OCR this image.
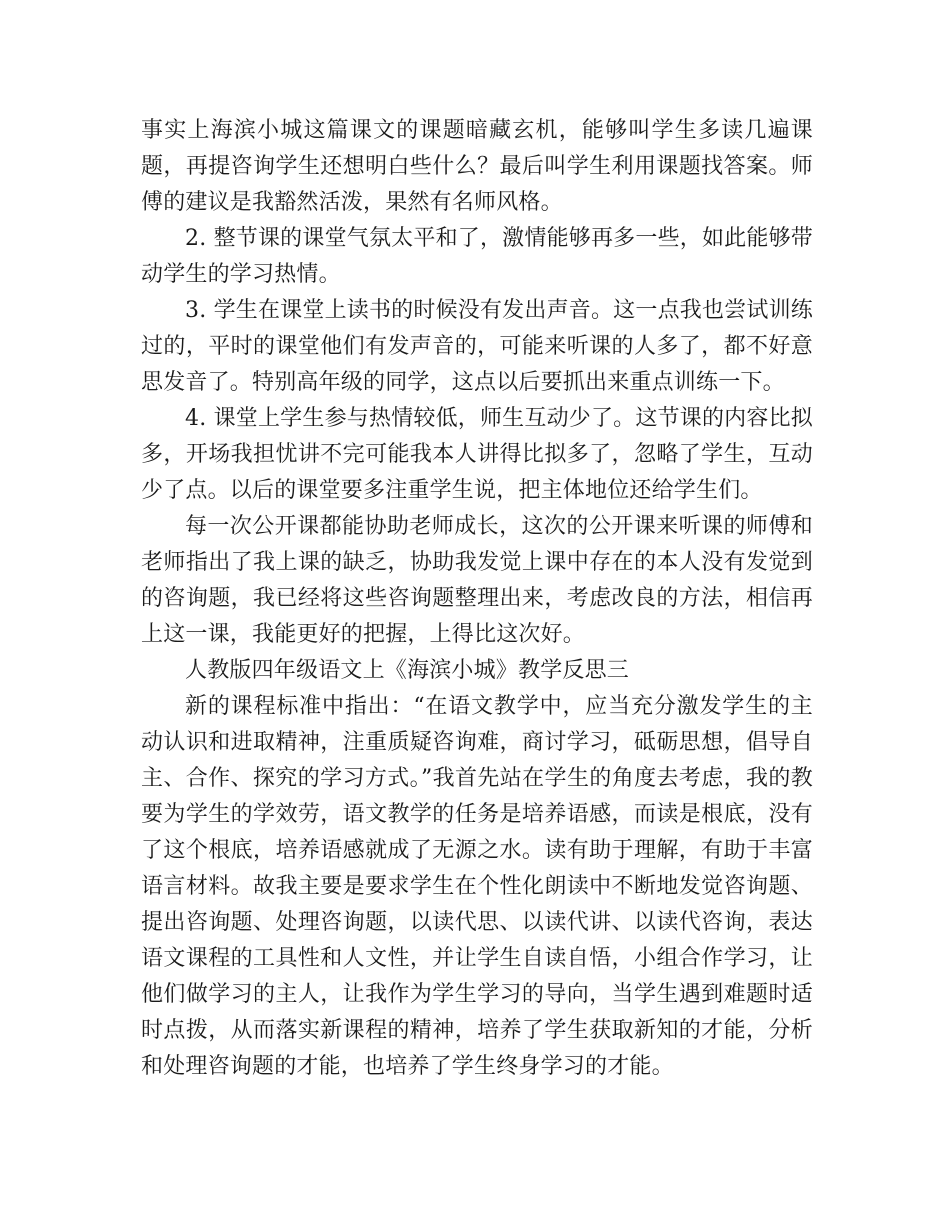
事实上海滨小城这篇课文的课题暗藏玄机，能够叫学生多读几遍课题，再提咨询学生还想明白些什么？最后叫学生利用课题找答案。师傅的建议是我豁然活泼，果然有名师风格。

2. 整节课的课堂气氛太平和了，激情能够再多一些，如此能够带动学生的学习热情。

3. 学生在课堂上读书的时候没有发出声音。这一点我也尝试训练过的，平时的课堂他们有发声音的，可能来听课的人多了，都不好意思发音了。特别高年级的同学，这点以后要抓出来重点训练一下。

4. 课堂上学生参与热情较低，师生互动少了。这节课的内容比拟多，开场我担忧讲不完可能我本人讲得比拟多了，忽略了学生，互动少了点。以后的课堂要多注重学生说，把主体地位还给学生们。

每一次公开课都能协助老师成长，这次的公开课来听课的师傅和老师指出了我上课的缺乏，协助我发觉上课中存在的本人没有发觉到的咨询题，我已经将这些咨询题整理出来，考虑改良的方法，相信再上这一课，我能更好的把握，上得比这次好。

人教版四年级语文上《海滨小城》教学反思三

新的课程标准中指出：“在语文教学中，应当充分激发学生的主动认识和进取精神，注重质疑咨询难，商讨学习，砥砺思想，倡导自主、合作、探究的学习方式。”我首先站在学生的角度去考虑，我的教要为学生的学效劳，语文教学的任务是培养语感，而读是根底，没有了这个根底，培养语感就成了无源之水。读有助于理解，有助于丰富语言材料。故我主要是要求学生在个性化朗读中不断地发觉咨询题、提出咨询题、处理咨询题，以读代思、以读代讲、以读代咨询，表达语文课程的工具性和人文性，并让学生自读自悟，小组合作学习，让他们做学习的主人，让我作为学生学习的导向，当学生遇到难题时适时点拨，从而落实新课程的精神，培养了学生获取新知的才能，分析和处理咨询题的才能，也培养了学生终身学习的才能。
